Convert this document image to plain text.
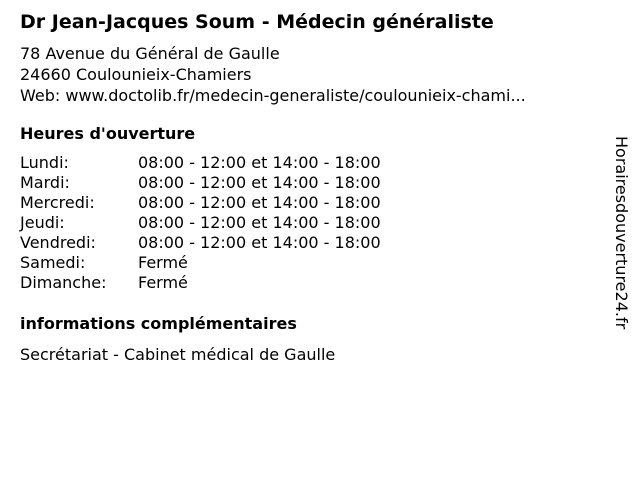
Dr Jean-Jacques Soum - Médecin généraliste
78 Avenue du Général de Gaulle
24660 Coulounieix-Chamiers
Web: www.doctolib.fr/medecin-generaliste/coulounieix-chami...
Heures d'ouverture
Lundi:	08:00 - 12:00 et 14:00 - 18:00
Mardi:	08:00 - 12:00 et 14:00 - 18:00
Mercredi:	08:00 - 12:00 et 14:00 - 18:00
Jeudi:	08:00 - 12:00 et 14:00 - 18:00
Vendredi:	08:00 - 12:00 et 14:00 - 18:00
Samedi:	Fermé
Dimanche: Fermé
informations complémentaires
Secrétariat - Cabinet médical de Gaulle
Horairesdouverture24.fr
